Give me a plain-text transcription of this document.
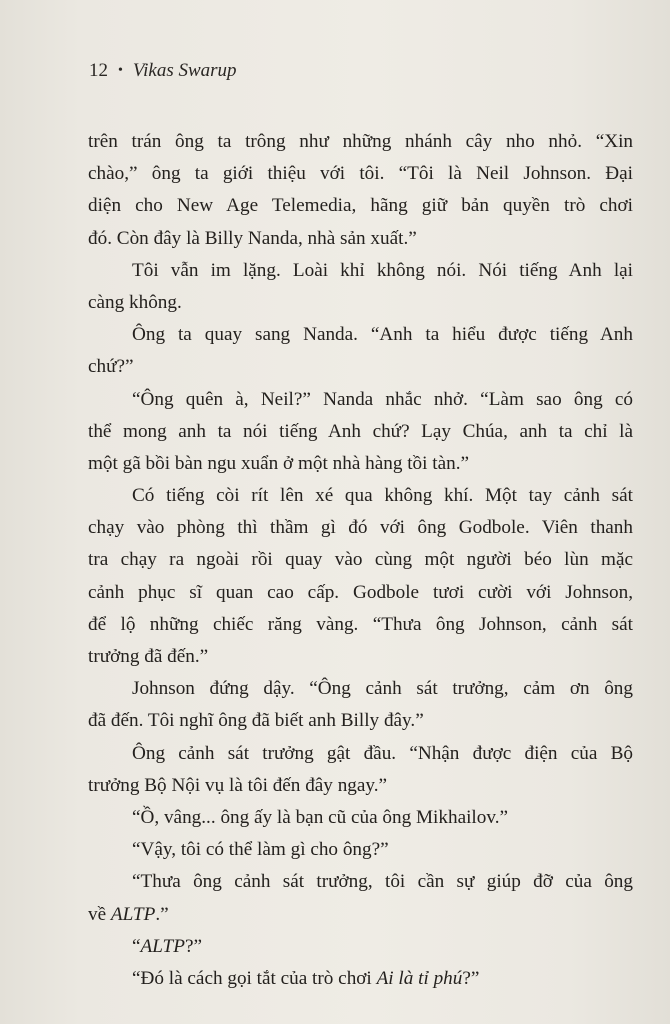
12 • Vikas Swarup
trên trán ông ta trông như những nhánh cây nho nhỏ. “Xin
chào,” ông ta giới thiệu với tôi. “Tôi là Neil Johnson. Đại
diện cho New Age Telemedia, hãng giữ bản quyền trò chơi
đó. Còn đây là Billy Nanda, nhà sản xuất.”
Tôi vẫn im lặng. Loài khỉ không nói. Nói tiếng Anh lại
càng không.
Ông ta quay sang Nanda. “Anh ta hiểu được tiếng Anh
chứ?”
“Ông quên à, Neil?” Nanda nhắc nhở. “Làm sao ông có
thể mong anh ta nói tiếng Anh chứ? Lạy Chúa, anh ta chỉ là
một gã bồi bàn ngu xuẩn ở một nhà hàng tồi tàn.”
Có tiếng còi rít lên xé qua không khí. Một tay cảnh sát
chạy vào phòng thì thầm gì đó với ông Godbole. Viên thanh
tra chạy ra ngoài rồi quay vào cùng một người béo lùn mặc
cảnh phục sĩ quan cao cấp. Godbole tươi cười với Johnson,
để lộ những chiếc răng vàng. “Thưa ông Johnson, cảnh sát
trưởng đã đến.”
Johnson đứng dậy. “Ông cảnh sát trưởng, cảm ơn ông
đã đến. Tôi nghĩ ông đã biết anh Billy đây.”
Ông cảnh sát trưởng gật đầu. “Nhận được điện của Bộ
trưởng Bộ Nội vụ là tôi đến đây ngay.”
“Ồ, vâng... ông ấy là bạn cũ của ông Mikhailov.”
“Vậy, tôi có thể làm gì cho ông?”
“Thưa ông cảnh sát trưởng, tôi cần sự giúp đỡ của ông
về ALTP.”
“ALTP?”
“Đó là cách gọi tắt của trò chơi Ai là tỉ phú?”
